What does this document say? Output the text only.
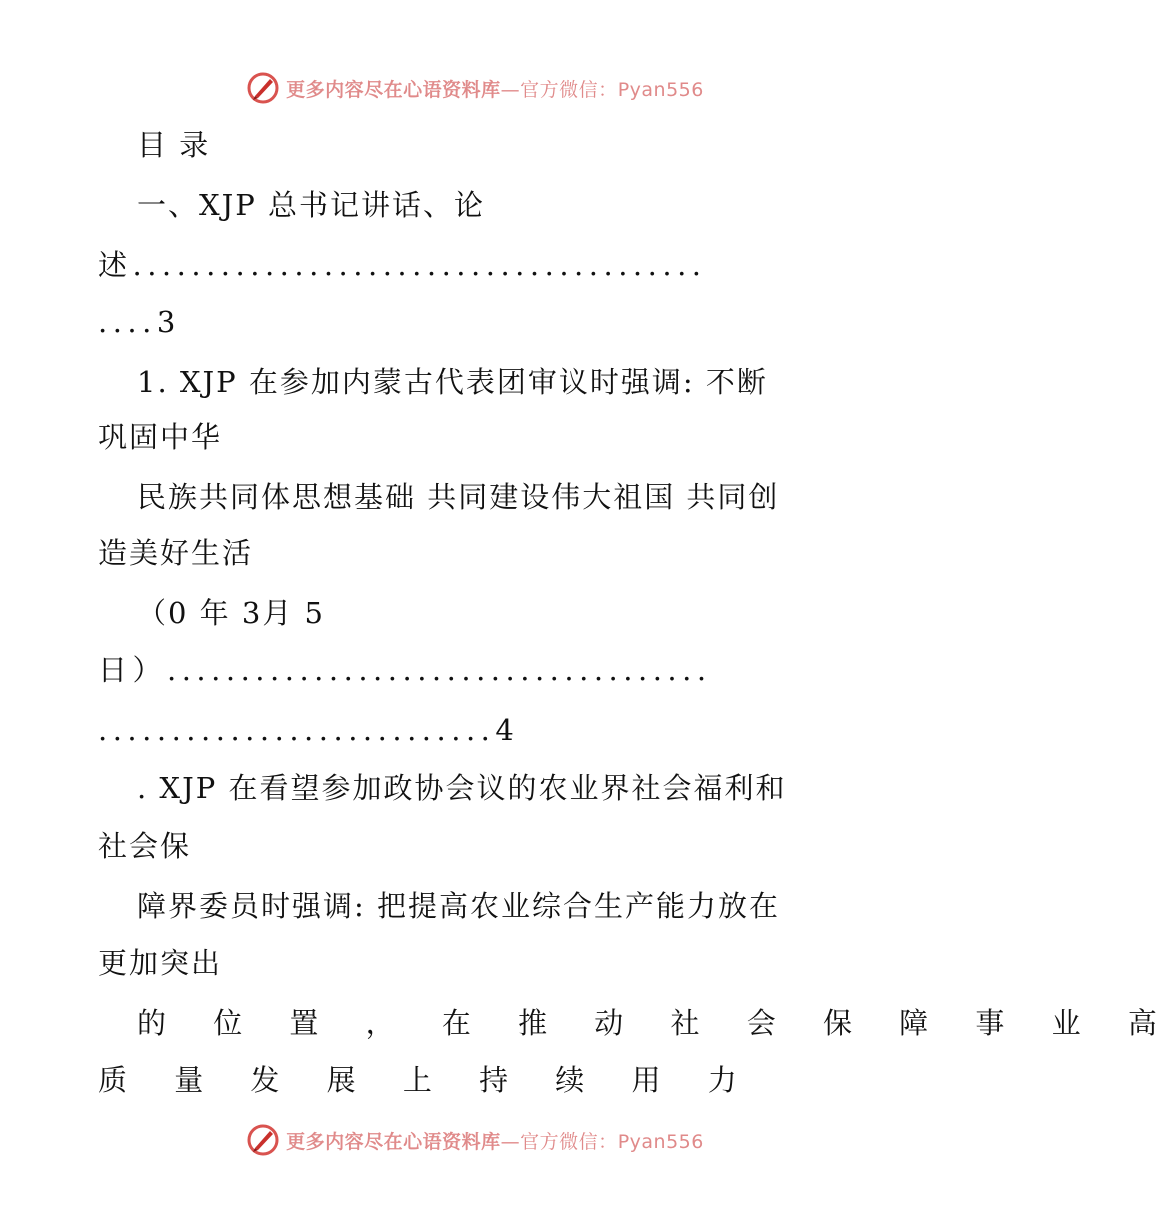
更多内容尽在心语资料库—官方微信：Pyan556
目 录
一、XJP 总书记讲话、论
述.......................................
....3
1. XJP 在参加内蒙古代表团审议时强调: 不断
巩固中华
民族共同体思想基础 共同建设伟大祖国 共同创
造美好生活
（0 年 3月 5
日）.....................................
...........................4
. XJP 在看望参加政协会议的农业界社会福利和
社会保
障界委员时强调: 把提高农业综合生产能力放在
更加突出
的 位 置 ， 在 推 动 社 会 保 障 事 业 高
质 量 发 展 上 持 续 用 力
更多内容尽在心语资料库—官方微信：Pyan556
